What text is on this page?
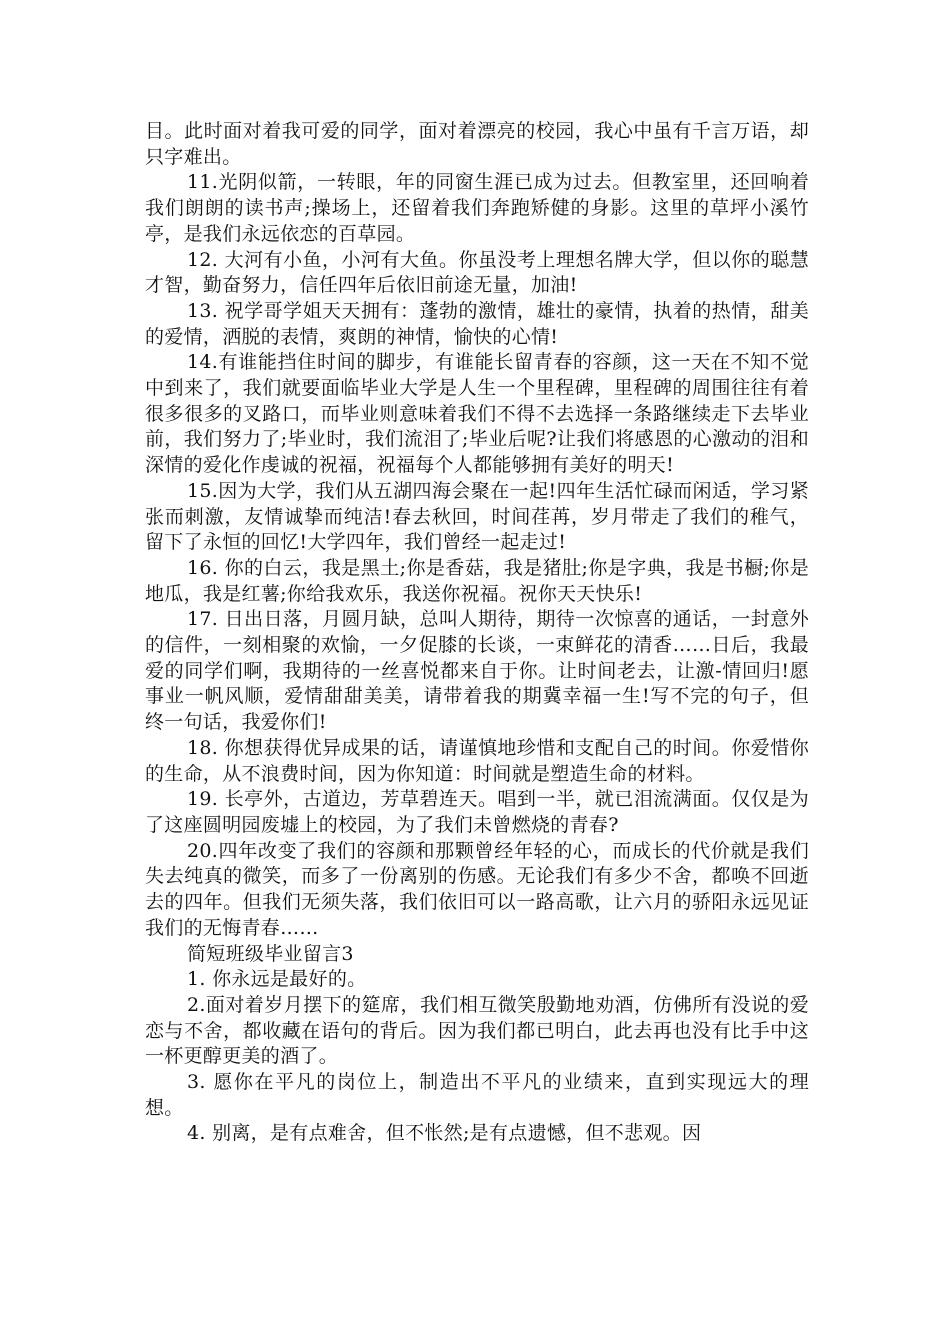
目。此时面对着我可爱的同学，面对着漂亮的校园，我心中虽有千言万语，却只字难出。

11.光阴似箭，一转眼，年的同窗生涯已成为过去。但教室里，还回响着我们朗朗的读书声;操场上，还留着我们奔跑矫健的身影。这里的草坪小溪竹亭，是我们永远依恋的百草园。

12. 大河有小鱼，小河有大鱼。你虽没考上理想名牌大学，但以你的聪慧才智，勤奋努力，信任四年后依旧前途无量，加油!

13. 祝学哥学姐天天拥有：蓬勃的激情，雄壮的豪情，执着的热情，甜美的爱情，洒脱的表情，爽朗的神情，愉快的心情!

14.有谁能挡住时间的脚步，有谁能长留青春的容颜，这一天在不知不觉中到来了，我们就要面临毕业大学是人生一个里程碑，里程碑的周围往往有着很多很多的叉路口，而毕业则意味着我们不得不去选择一条路继续走下去毕业前，我们努力了;毕业时，我们流泪了;毕业后呢?让我们将感恩的心激动的泪和深情的爱化作虔诚的祝福，祝福每个人都能够拥有美好的明天!

15.因为大学，我们从五湖四海会聚在一起!四年生活忙碌而闲适，学习紧张而刺激，友情诚挚而纯洁!春去秋回，时间荏苒，岁月带走了我们的稚气，留下了永恒的回忆!大学四年，我们曾经一起走过!

16. 你的白云，我是黑土;你是香菇，我是猪肚;你是字典，我是书橱;你是地瓜，我是红薯;你给我欢乐，我送你祝福。祝你天天快乐!

17. 日出日落，月圆月缺，总叫人期待，期待一次惊喜的通话，一封意外的信件，一刻相聚的欢愉，一夕促膝的长谈，一束鲜花的清香……日后，我最爱的同学们啊，我期待的一丝喜悦都来自于你。让时间老去，让激-情回归!愿事业一帆风顺，爱情甜甜美美，请带着我的期冀幸福一生!写不完的句子，但终一句话，我爱你们!

18. 你想获得优异成果的话，请谨慎地珍惜和支配自己的时间。你爱惜你的生命，从不浪费时间，因为你知道：时间就是塑造生命的材料。

19. 长亭外，古道边，芳草碧连天。唱到一半，就已泪流满面。仅仅是为了这座圆明园废墟上的校园，为了我们未曾燃烧的青春?

20.四年改变了我们的容颜和那颗曾经年轻的心，而成长的代价就是我们失去纯真的微笑，而多了一份离别的伤感。无论我们有多少不舍，都唤不回逝去的四年。但我们无须失落，我们依旧可以一路高歌，让六月的骄阳永远见证我们的无悔青春……

简短班级毕业留言3

1. 你永远是最好的。

2.面对着岁月摆下的筵席，我们相互微笑殷勤地劝酒，仿佛所有没说的爱恋与不舍，都收藏在语句的背后。因为我们都已明白，此去再也没有比手中这一杯更醇更美的酒了。

3. 愿你在平凡的岗位上，制造出不平凡的业绩来，直到实现远大的理想。

4. 别离，是有点难舍，但不怅然;是有点遗憾，但不悲观。因
